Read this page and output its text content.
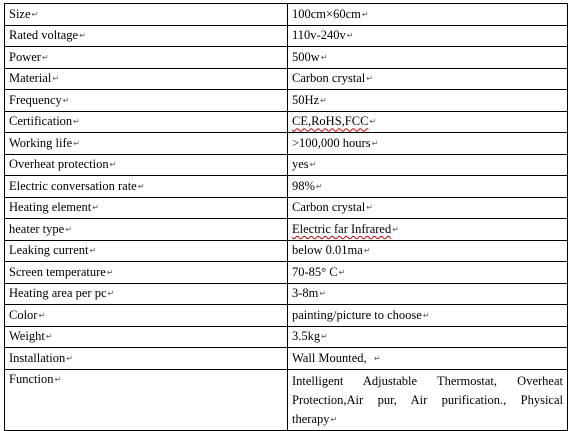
Size↵	100cm×60cm↵
Rated voltage↵	110v-240v↵
Power↵	500w↵
Material↵	Carbon crystal↵
Frequency↵	50Hz↵
Certification↵	CE,RoHS,FCC↵
Working life↵	>100,000 hours↵
Overheat protection↵	yes↵
Electric conversation rate↵	98%↵
Heating element↵	Carbon crystal↵
heater type↵	Electric far Infrared↵
Leaking current↵	below 0.01ma↵
Screen temperature↵	70-85° C↵
Heating area per pc↵	3-8m↵
Color↵	painting/picture to choose↵
Weight↵	3.5kg↵
Installation↵	Wall Mounted, ↵
Function↵	Intelligent Adjustable Thermostat, Overheat Protection,Air pur, Air purification., Physical therapy↵
